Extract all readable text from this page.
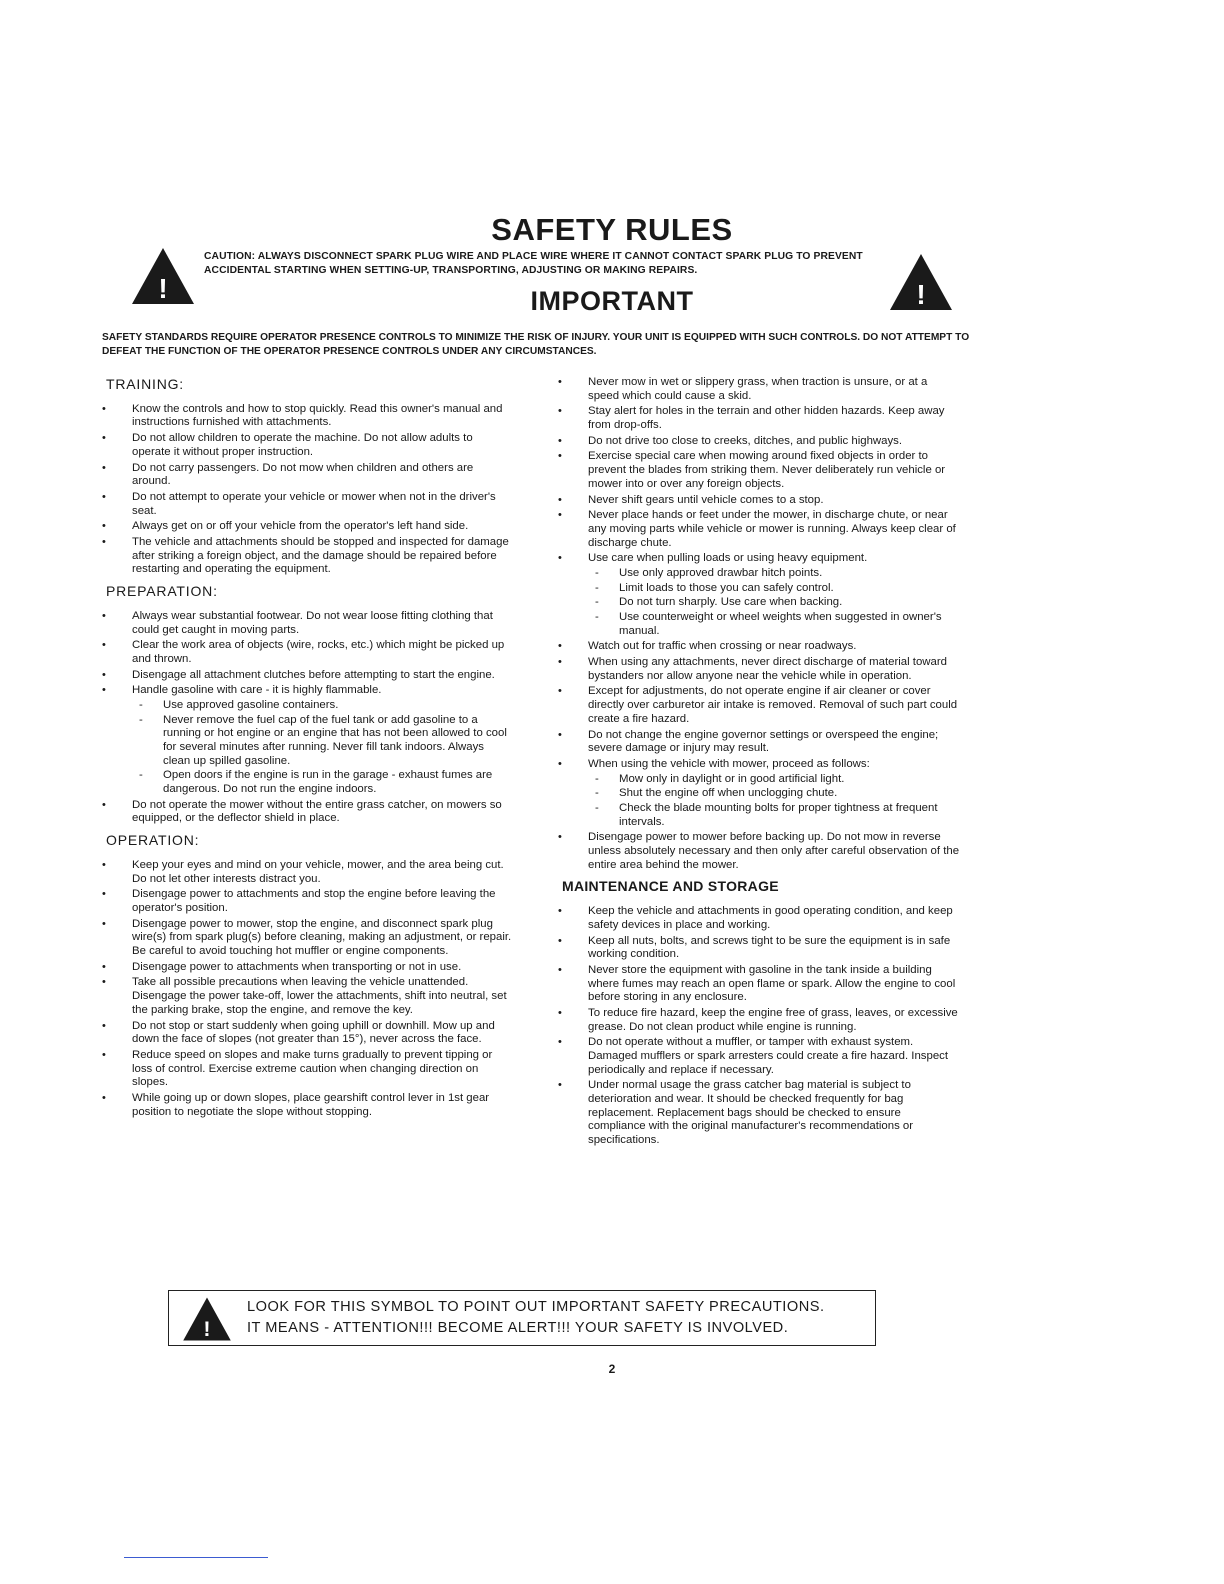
SAFETY RULES
!	!
CAUTION: ALWAYS DISCONNECT SPARK PLUG WIRE AND PLACE WIRE WHERE IT CANNOT CONTACT SPARK PLUG TO PREVENT ACCIDENTAL STARTING WHEN SETTING-UP, TRANSPORTING, ADJUSTING OR MAKING REPAIRS.
IMPORTANT
SAFETY STANDARDS REQUIRE OPERATOR PRESENCE CONTROLS TO MINIMIZE THE RISK OF INJURY. YOUR UNIT IS EQUIPPED WITH SUCH CONTROLS. DO NOT ATTEMPT TO DEFEAT THE FUNCTION OF THE OPERATOR PRESENCE CONTROLS UNDER ANY CIRCUMSTANCES.
TRAINING:
• Know the controls and how to stop quickly. Read this owner's manual and instructions furnished with attachments.
• Do not allow children to operate the machine. Do not allow adults to operate it without proper instruction.
• Do not carry passengers. Do not mow when children and others are around.
• Do not attempt to operate your vehicle or mower when not in the driver's seat.
• Always get on or off your vehicle from the operator's left hand side.
• The vehicle and attachments should be stopped and inspected for damage after striking a foreign object, and the damage should be repaired before restarting and operating the equipment.
PREPARATION:
• Always wear substantial footwear. Do not wear loose fitting clothing that could get caught in moving parts.
• Clear the work area of objects (wire, rocks, etc.) which might be picked up and thrown.
• Disengage all attachment clutches before attempting to start the engine.
• Handle gasoline with care - it is highly flammable.
- Use approved gasoline containers.
- Never remove the fuel cap of the fuel tank or add gasoline to a running or hot engine or an engine that has not been allowed to cool for several minutes after running. Never fill tank indoors. Always clean up spilled gasoline.
- Open doors if the engine is run in the garage - exhaust fumes are dangerous. Do not run the engine indoors.
• Do not operate the mower without the entire grass catcher, on mowers so equipped, or the deflector shield in place.
OPERATION:
• Keep your eyes and mind on your vehicle, mower, and the area being cut. Do not let other interests distract you.
• Disengage power to attachments and stop the engine before leaving the operator's position.
• Disengage power to mower, stop the engine, and disconnect spark plug wire(s) from spark plug(s) before cleaning, making an adjustment, or repair. Be careful to avoid touching hot muffler or engine components.
• Disengage power to attachments when transporting or not in use.
• Take all possible precautions when leaving the vehicle unattended. Disengage the power take-off, lower the attachments, shift into neutral, set the parking brake, stop the engine, and remove the key.
• Do not stop or start suddenly when going uphill or downhill. Mow up and down the face of slopes (not greater than 15°), never across the face.
• Reduce speed on slopes and make turns gradually to prevent tipping or loss of control. Exercise extreme caution when changing direction on slopes.
• While going up or down slopes, place gearshift control lever in 1st gear position to negotiate the slope without stopping.
• Never mow in wet or slippery grass, when traction is unsure, or at a speed which could cause a skid.
• Stay alert for holes in the terrain and other hidden hazards. Keep away from drop-offs.
• Do not drive too close to creeks, ditches, and public highways.
• Exercise special care when mowing around fixed objects in order to prevent the blades from striking them. Never deliberately run vehicle or mower into or over any foreign objects.
• Never shift gears until vehicle comes to a stop.
• Never place hands or feet under the mower, in discharge chute, or near any moving parts while vehicle or mower is running. Always keep clear of discharge chute.
• Use care when pulling loads or using heavy equipment.
- Use only approved drawbar hitch points.
- Limit loads to those you can safely control.
- Do not turn sharply. Use care when backing.
- Use counterweight or wheel weights when suggested in owner's manual.
• Watch out for traffic when crossing or near roadways.
• When using any attachments, never direct discharge of material toward bystanders nor allow anyone near the vehicle while in operation.
• Except for adjustments, do not operate engine if air cleaner or cover directly over carburetor air intake is removed. Removal of such part could create a fire hazard.
• Do not change the engine governor settings or overspeed the engine; severe damage or injury may result.
• When using the vehicle with mower, proceed as follows:
- Mow only in daylight or in good artificial light.
- Shut the engine off when unclogging chute.
- Check the blade mounting bolts for proper tightness at frequent intervals.
• Disengage power to mower before backing up. Do not mow in reverse unless absolutely necessary and then only after careful observation of the entire area behind the mower.
MAINTENANCE AND STORAGE
• Keep the vehicle and attachments in good operating condition, and keep safety devices in place and working.
• Keep all nuts, bolts, and screws tight to be sure the equipment is in safe working condition.
• Never store the equipment with gasoline in the tank inside a building where fumes may reach an open flame or spark. Allow the engine to cool before storing in any enclosure.
• To reduce fire hazard, keep the engine free of grass, leaves, or excessive grease. Do not clean product while engine is running.
• Do not operate without a muffler, or tamper with exhaust system. Damaged mufflers or spark arresters could create a fire hazard. Inspect periodically and replace if necessary.
• Under normal usage the grass catcher bag material is subject to deterioration and wear. It should be checked frequently for bag replacement. Replacement bags should be checked to ensure compliance with the original manufacturer's recommendations or specifications.
!
LOOK FOR THIS SYMBOL TO POINT OUT IMPORTANT SAFETY PRECAUTIONS.
IT MEANS - ATTENTION!!! BECOME ALERT!!! YOUR SAFETY IS INVOLVED.
2
